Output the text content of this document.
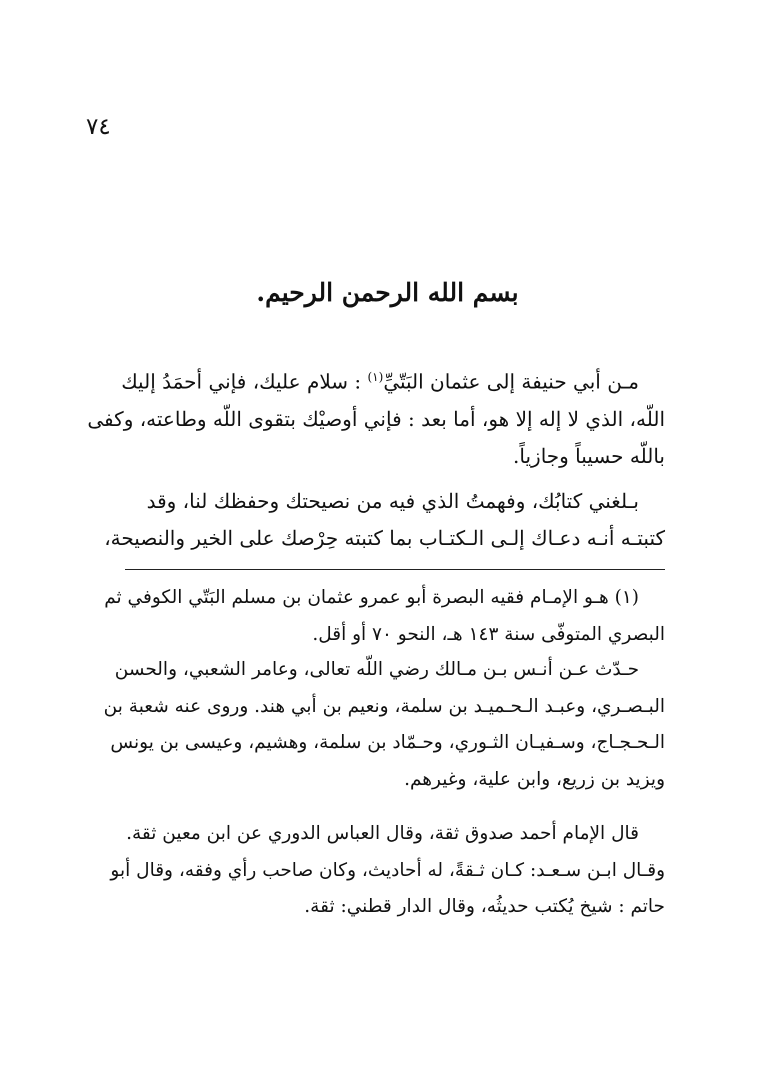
٧٤
بسم الله الرحمن الرحيم.
مـن أبي حنيفة إلى عثمان البَتّيِّ$^{(١)}$ : سلام عليك، فإني أحمَدُ إليك
اللّه، الذي لا إله إلا هو، أما بعد : فإني أوصيْك بتقوى اللّه وطاعته، وكفى
باللّه حسيباً وجازياً.
بـلغني كتابُك، وفهمتُ الذي فيه من نصيحتك وحفظك لنا، وقد
كتبتـه أنـه دعـاك إلـى الـكتـاب بما كتبته حِرْصك على الخير والنصيحة،
(١) هـو الإمـام فقيه البصرة أبو عمرو عثمان بن مسلم البَتّي الكوفي ثم
البصري المتوفّى سنة ١٤٣ هـ، النحو ٧٠ أو أقل.
حـدّث عـن أنـس بـن مـالك رضي اللّه تعالى، وعامر الشعبي، والحسن
البـصـري، وعبـد الـحـميـد بن سلمة، ونعيم بن أبي هند. وروى عنه شعبة بن
الـحـجـاج، وسـفيـان الثـوري، وحـمّاد بن سلمة، وهشيم، وعيسى بن يونس
ويزيد بن زريع، وابن علية، وغيرهم.
قال الإمام أحمد صدوق ثقة، وقال العباس الدوري عن ابن معين ثقة.
وقـال ابـن سـعـد: كـان ثـقةً، له أحاديث، وكان صاحب رأي وفقه، وقال أبو
حاتم : شيخ يُكتب حديثُه، وقال الدار قطني: ثقة.
